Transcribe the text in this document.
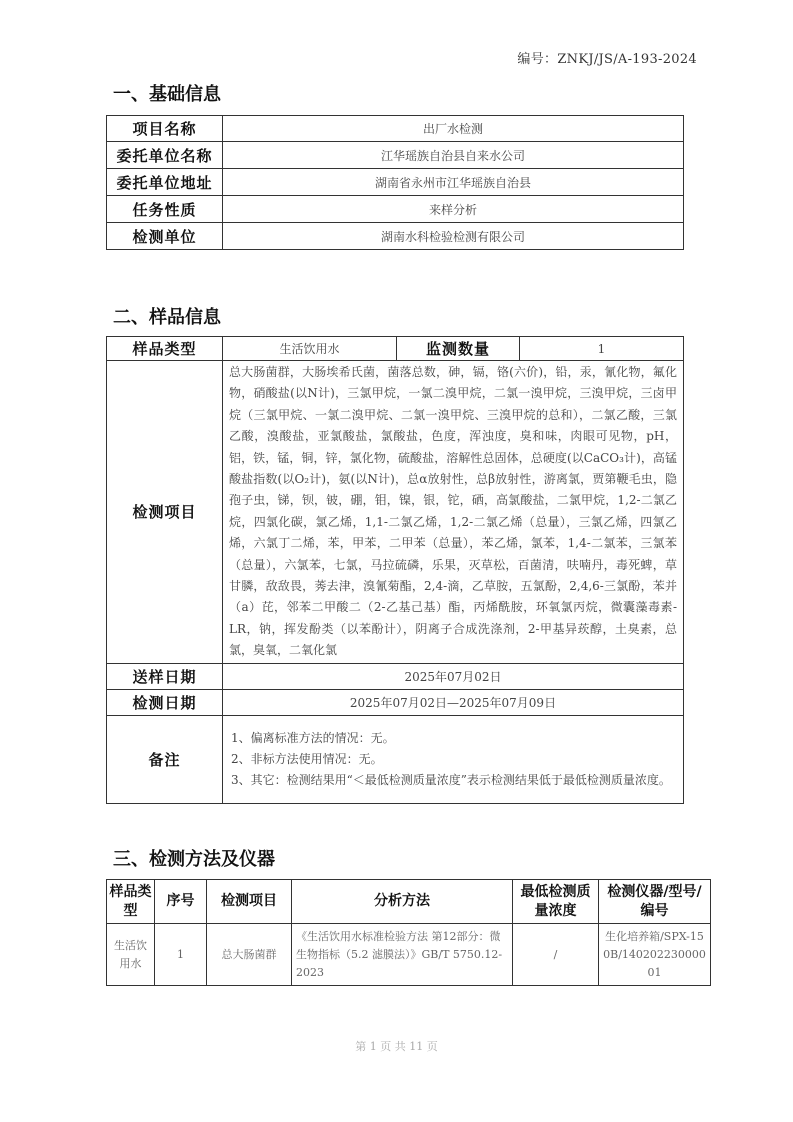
编号：ZNKJ/JS/A-193-2024
一、基础信息
项目名称	出厂水检测
委托单位名称	江华瑶族自治县自来水公司
委托单位地址	湖南省永州市江华瑶族自治县
任务性质	来样分析
检测单位	湖南水科检验检测有限公司
二、样品信息
样品类型	生活饮用水	监测数量	1
检测项目	总大肠菌群，大肠埃希氏菌，菌落总数，砷，镉，铬(六价)，铅，汞，氰化物，氟化物，硝酸盐(以N计)，三氯甲烷，一氯二溴甲烷，二氯一溴甲烷，三溴甲烷，三卤甲烷（三氯甲烷、一氯二溴甲烷、二氯一溴甲烷、三溴甲烷的总和），二氯乙酸，三氯乙酸，溴酸盐，亚氯酸盐，氯酸盐，色度，浑浊度，臭和味，肉眼可见物，pH，铝，铁，锰，铜，锌，氯化物，硫酸盐，溶解性总固体，总硬度(以CaCO₃计)，高锰酸盐指数(以O₂计)，氨(以N计)，总α放射性，总β放射性，游离氯，贾第鞭毛虫，隐孢子虫，锑，钡，铍，硼，钼，镍，银，铊，硒，高氯酸盐，二氯甲烷，1,2-二氯乙烷，四氯化碳，氯乙烯，1,1-二氯乙烯，1,2-二氯乙烯（总量），三氯乙烯，四氯乙烯，六氯丁二烯，苯，甲苯，二甲苯（总量），苯乙烯，氯苯，1,4-二氯苯，三氯苯（总量），六氯苯，七氯，马拉硫磷，乐果，灭草松，百菌清，呋喃丹，毒死蜱，草甘膦，敌敌畏，莠去津，溴氰菊酯，2,4-滴，乙草胺，五氯酚，2,4,6-三氯酚，苯并（a）芘，邻苯二甲酸二（2-乙基己基）酯，丙烯酰胺，环氧氯丙烷，微囊藻毒素-LR，钠，挥发酚类（以苯酚计），阴离子合成洗涤剂，2-甲基异莰醇，土臭素，总氯，臭氧，二氧化氯		
送样日期	2025年07月02日		
检测日期	2025年07月02日—2025年07月09日		
备注	1、偏离标准方法的情况：无。
2、非标方法使用情况：无。
3、其它：检测结果用“＜最低检测质量浓度”表示检测结果低于最低检测质量浓度。		
三、检测方法及仪器
样品类型	序号	检测项目	分析方法	最低检测质量浓度	检测仪器/型号/编号
生活饮用水	1	总大肠菌群	《生活饮用水标准检验方法 第12部分：微生物指标（5.2 滤膜法）》GB/T 5750.12-2023	/	生化培养箱/SPX-150B/14020223000001
第 1 页 共 11 页
